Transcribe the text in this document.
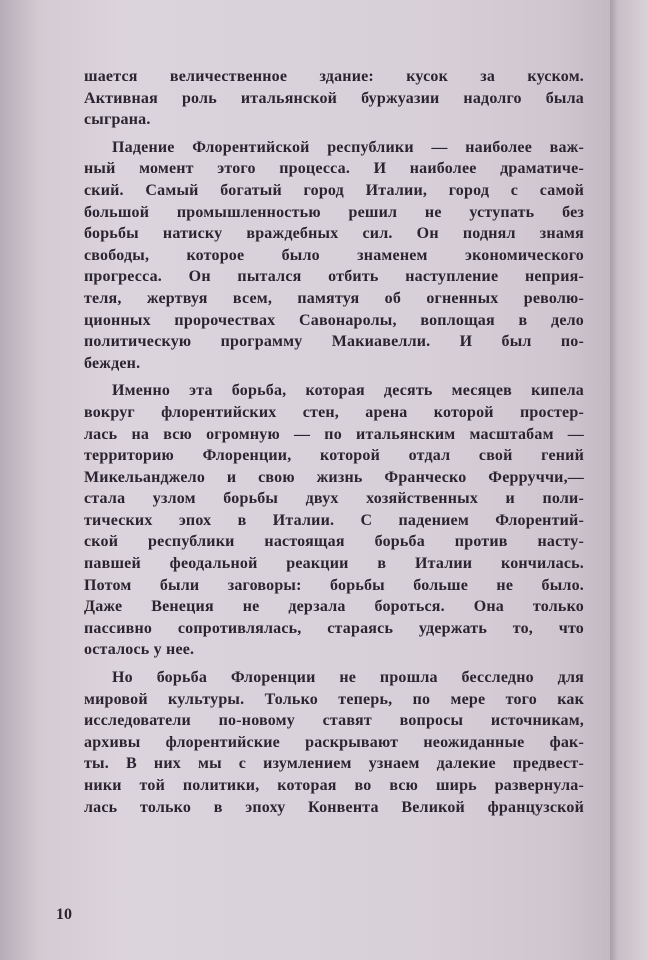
шается величественное здание: кусок за куском.
Активная роль итальянской буржуазии надолго была
сыграна.
Падение Флорентийской республики — наиболее важ-
ный момент этого процесса. И наиболее драматиче-
ский. Самый богатый город Италии, город с самой
большой промышленностью решил не уступать без
борьбы натиску враждебных сил. Он поднял знамя
свободы, которое было знаменем экономического
прогресса. Он пытался отбить наступление неприя-
теля, жертвуя всем, памятуя об огненных револю-
ционных пророчествах Савонаролы, воплощая в дело
политическую программу Макиавелли. И был по-
бежден.
Именно эта борьба, которая десять месяцев кипела
вокруг флорентийских стен, арена которой простер-
лась на всю огромную — по итальянским масштабам —
территорию Флоренции, которой отдал свой гений
Микельанджело и свою жизнь Франческо Ферруччи,—
стала узлом борьбы двух хозяйственных и поли-
тических эпох в Италии. С падением Флорентий-
ской республики настоящая борьба против насту-
павшей феодальной реакции в Италии кончилась.
Потом были заговоры: борьбы больше не было.
Даже Венеция не дерзала бороться. Она только
пассивно сопротивлялась, стараясь удержать то, что
осталось у нее.
Но борьба Флоренции не прошла бесследно для
мировой культуры. Только теперь, по мере того как
исследователи по-новому ставят вопросы источникам,
архивы флорентийские раскрывают неожиданные фак-
ты. В них мы с изумлением узнаем далекие предвест-
ники той политики, которая во всю ширь развернула-
лась только в эпоху Конвента Великой французской
10
